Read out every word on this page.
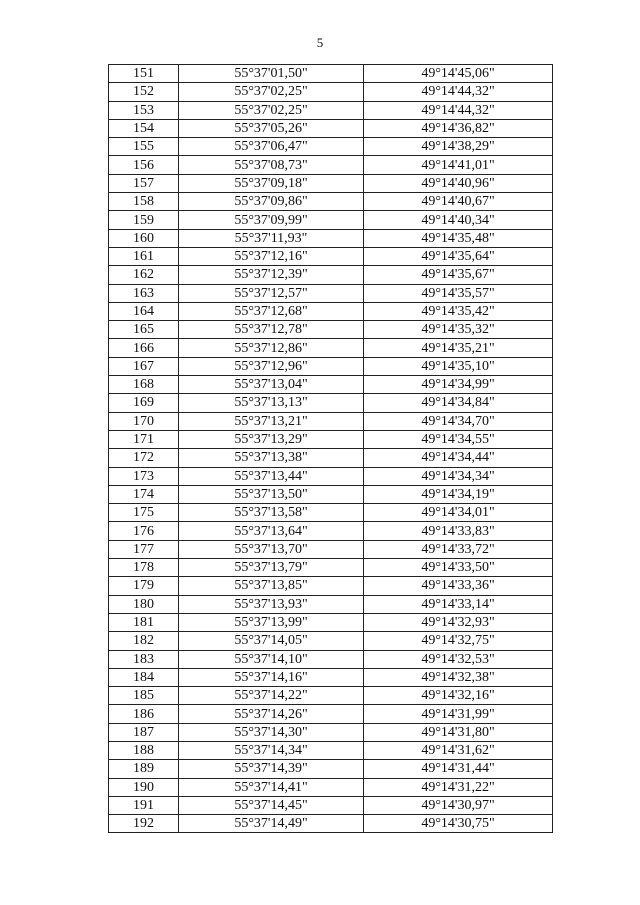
5
151	55°37'01,50"	49°14'45,06"
152	55°37'02,25"	49°14'44,32"
153	55°37'02,25"	49°14'44,32"
154	55°37'05,26"	49°14'36,82"
155	55°37'06,47"	49°14'38,29"
156	55°37'08,73"	49°14'41,01"
157	55°37'09,18"	49°14'40,96"
158	55°37'09,86"	49°14'40,67"
159	55°37'09,99"	49°14'40,34"
160	55°37'11,93"	49°14'35,48"
161	55°37'12,16"	49°14'35,64"
162	55°37'12,39"	49°14'35,67"
163	55°37'12,57"	49°14'35,57"
164	55°37'12,68"	49°14'35,42"
165	55°37'12,78"	49°14'35,32"
166	55°37'12,86"	49°14'35,21"
167	55°37'12,96"	49°14'35,10"
168	55°37'13,04"	49°14'34,99"
169	55°37'13,13"	49°14'34,84"
170	55°37'13,21"	49°14'34,70"
171	55°37'13,29"	49°14'34,55"
172	55°37'13,38"	49°14'34,44"
173	55°37'13,44"	49°14'34,34"
174	55°37'13,50"	49°14'34,19"
175	55°37'13,58"	49°14'34,01"
176	55°37'13,64"	49°14'33,83"
177	55°37'13,70"	49°14'33,72"
178	55°37'13,79"	49°14'33,50"
179	55°37'13,85"	49°14'33,36"
180	55°37'13,93"	49°14'33,14"
181	55°37'13,99"	49°14'32,93"
182	55°37'14,05"	49°14'32,75"
183	55°37'14,10"	49°14'32,53"
184	55°37'14,16"	49°14'32,38"
185	55°37'14,22"	49°14'32,16"
186	55°37'14,26"	49°14'31,99"
187	55°37'14,30"	49°14'31,80"
188	55°37'14,34"	49°14'31,62"
189	55°37'14,39"	49°14'31,44"
190	55°37'14,41"	49°14'31,22"
191	55°37'14,45"	49°14'30,97"
192	55°37'14,49"	49°14'30,75"
